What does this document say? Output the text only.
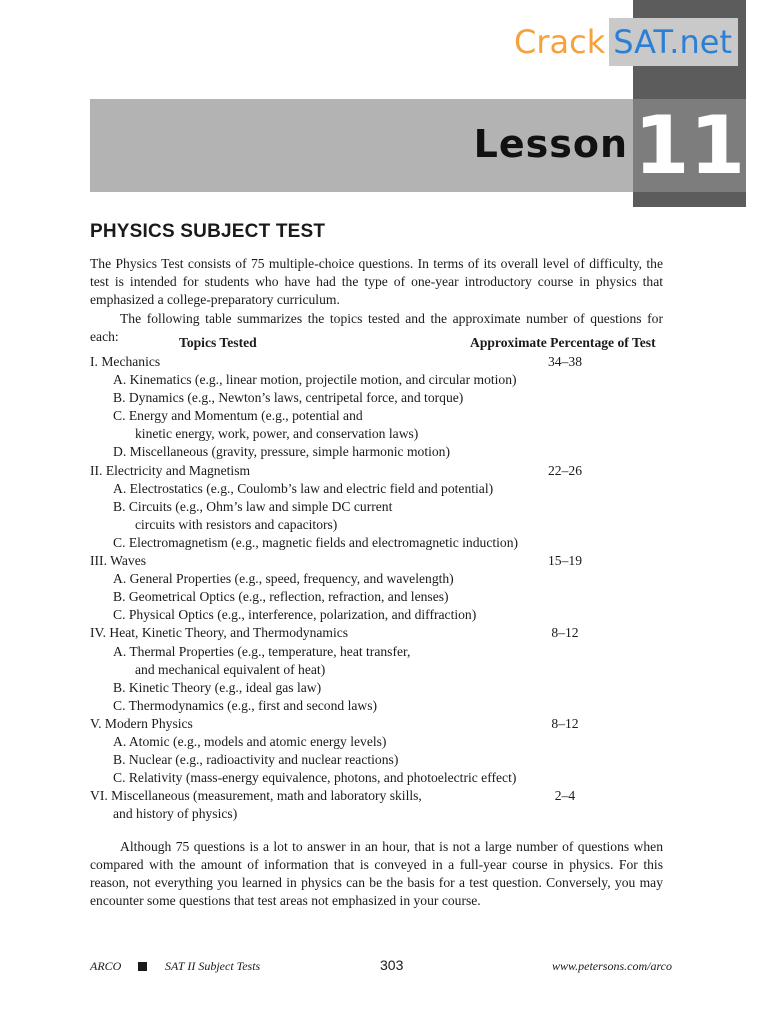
Lesson 11
Crack SAT.net
PHYSICS SUBJECT TEST
The Physics Test consists of 75 multiple-choice questions. In terms of its overall level of difficulty, the test is intended for students who have had the type of one-year introductory course in physics that emphasized a college-preparatory curriculum.
The following table summarizes the topics tested and the approximate number of questions for each:	Topics Tested	Approximate Percentage of Test
I. Mechanics	34–38
A. Kinematics (e.g., linear motion, projectile motion, and circular motion)
B. Dynamics (e.g., Newton’s laws, centripetal force, and torque)
C. Energy and Momentum (e.g., potential and
kinetic energy, work, power, and conservation laws)
D. Miscellaneous (gravity, pressure, simple harmonic motion)
II. Electricity and Magnetism	22–26
A. Electrostatics (e.g., Coulomb’s law and electric field and potential)
B. Circuits (e.g., Ohm’s law and simple DC current
circuits with resistors and capacitors)
C. Electromagnetism (e.g., magnetic fields and electromagnetic induction)
III. Waves	15–19
A. General Properties (e.g., speed, frequency, and wavelength)
B. Geometrical Optics (e.g., reflection, refraction, and lenses)
C. Physical Optics (e.g., interference, polarization, and diffraction)
IV. Heat, Kinetic Theory, and Thermodynamics	8–12
A. Thermal Properties (e.g., temperature, heat transfer,
and mechanical equivalent of heat)
B. Kinetic Theory (e.g., ideal gas law)
C. Thermodynamics (e.g., first and second laws)
V. Modern Physics	8–12
A. Atomic (e.g., models and atomic energy levels)
B. Nuclear (e.g., radioactivity and nuclear reactions)
C. Relativity (mass-energy equivalence, photons, and photoelectric effect)
VI. Miscellaneous (measurement, math and laboratory skills,	2–4
and history of physics)
Although 75 questions is a lot to answer in an hour, that is not a large number of questions when compared with the amount of information that is conveyed in a full-year course in physics. For this reason, not everything you learned in physics can be the basis for a test question. Conversely, you may encounter some questions that test areas not emphasized in your course.
ARCO	SAT II Subject Tests	303	www.petersons.com/arco
